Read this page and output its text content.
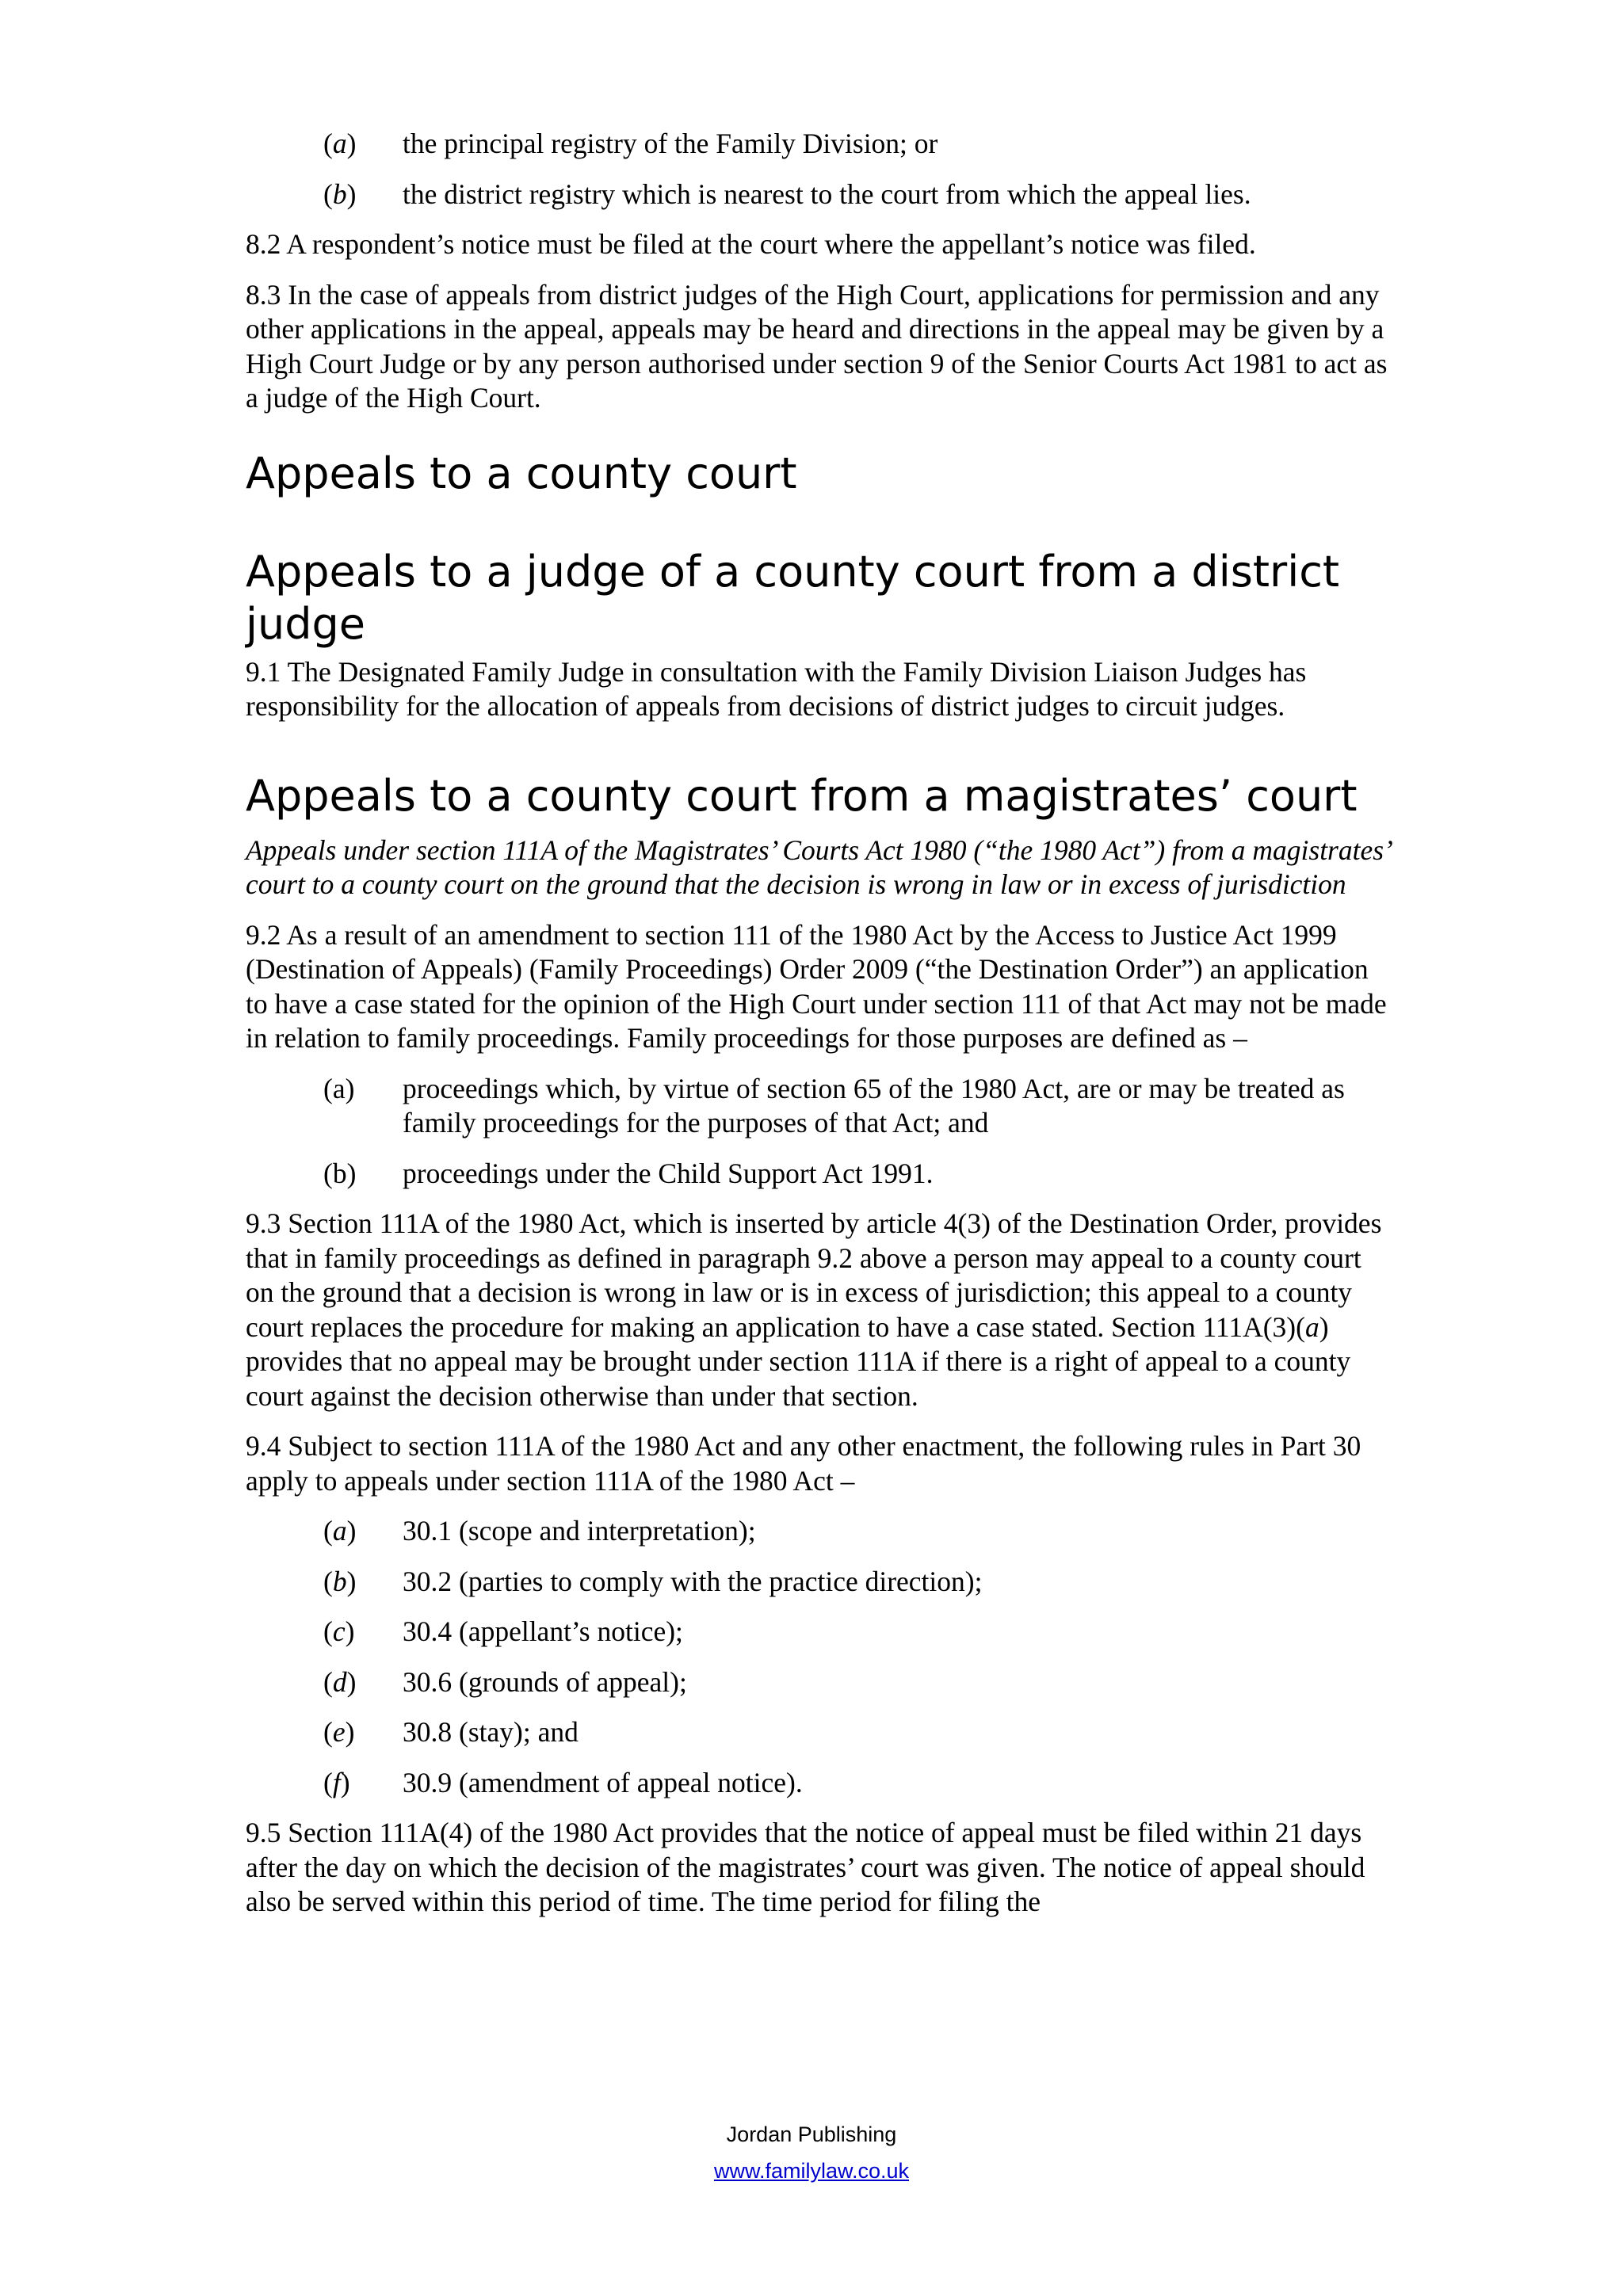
(a)	the principal registry of the Family Division; or

(b)	the district registry which is nearest to the court from which the appeal lies.

8.2 A respondent’s notice must be filed at the court where the appellant’s notice was filed.

8.3 In the case of appeals from district judges of the High Court, applications for permission and any other applications in the appeal, appeals may be heard and directions in the appeal may be given by a High Court Judge or by any person authorised under section 9 of the Senior Courts Act 1981 to act as a judge of the High Court.

Appeals to a county court
Appeals to a judge of a county court from a district judge

9.1 The Designated Family Judge in consultation with the Family Division Liaison Judges has responsibility for the allocation of appeals from decisions of district judges to circuit judges.

Appeals to a county court from a magistrates’ court

Appeals under section 111A of the Magistrates’ Courts Act 1980 (“the 1980 Act”) from a magistrates’ court to a county court on the ground that the decision is wrong in law or in excess of jurisdiction

9.2 As a result of an amendment to section 111 of the 1980 Act by the Access to Justice Act 1999 (Destination of Appeals) (Family Proceedings) Order 2009 (“the Destination Order”) an application to have a case stated for the opinion of the High Court under section 111 of that Act may not be made in relation to family proceedings. Family proceedings for those purposes are defined as –

(a)	proceedings which, by virtue of section 65 of the 1980 Act, are or may be treated as family proceedings for the purposes of that Act; and

(b)	proceedings under the Child Support Act 1991.

9.3 Section 111A of the 1980 Act, which is inserted by article 4(3) of the Destination Order, provides that in family proceedings as defined in paragraph 9.2 above a person may appeal to a county court on the ground that a decision is wrong in law or is in excess of jurisdiction; this appeal to a county court replaces the procedure for making an application to have a case stated. Section 111A(3)(a) provides that no appeal may be brought under section 111A if there is a right of appeal to a county court against the decision otherwise than under that section.

9.4 Subject to section 111A of the 1980 Act and any other enactment, the following rules in Part 30 apply to appeals under section 111A of the 1980 Act –

(a)	30.1 (scope and interpretation);

(b)	30.2 (parties to comply with the practice direction);

(c)	30.4 (appellant’s notice);

(d)	30.6 (grounds of appeal);

(e)	30.8 (stay); and

(f)	30.9 (amendment of appeal notice).

9.5 Section 111A(4) of the 1980 Act provides that the notice of appeal must be filed within 21 days after the day on which the decision of the magistrates’ court was given. The notice of appeal should also be served within this period of time. The time period for filing the

Jordan Publishing
www.familylaw.co.uk
